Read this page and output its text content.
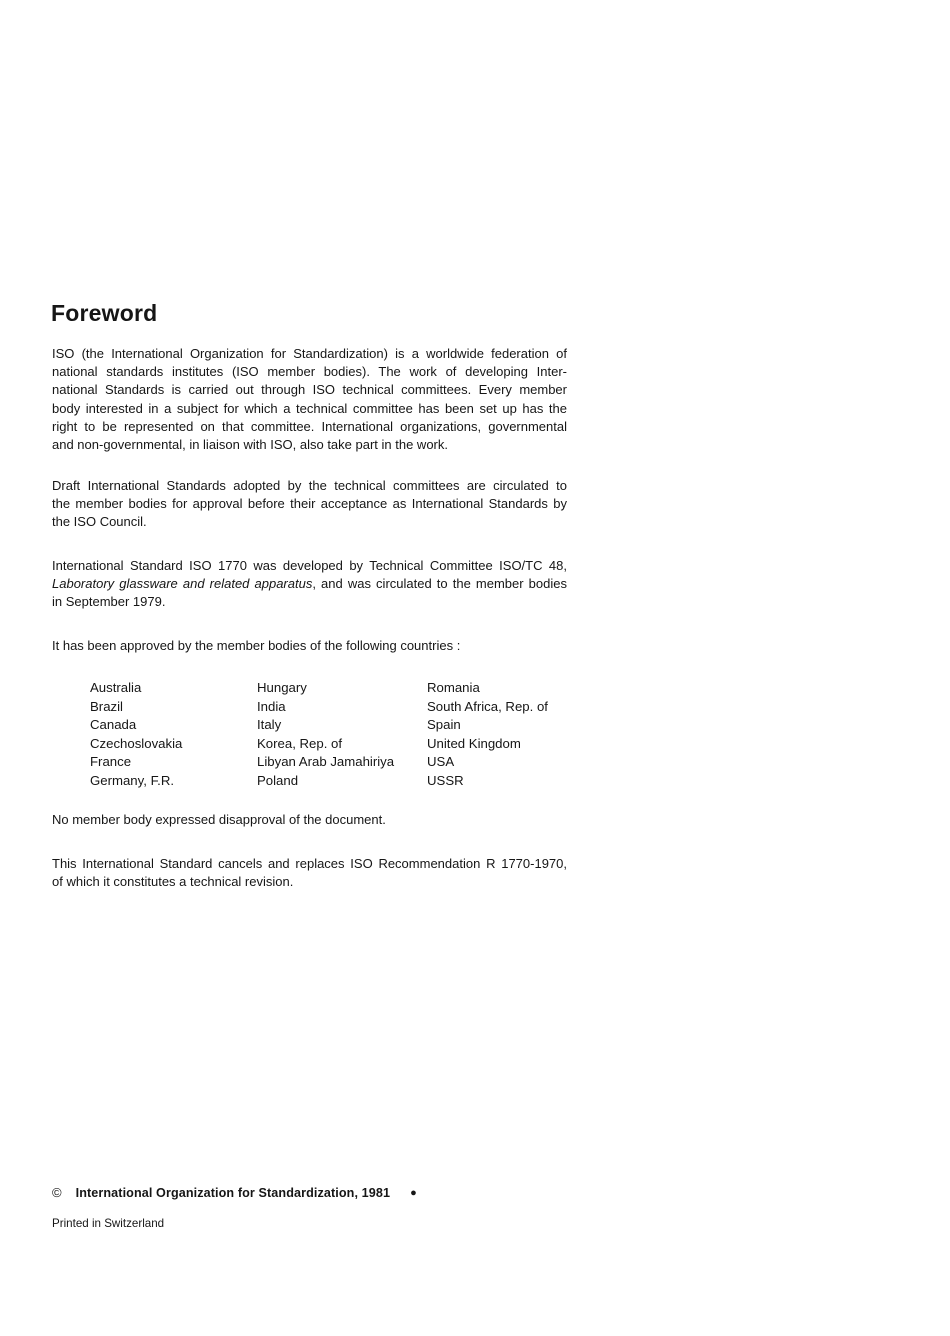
Foreword
ISO (the International Organization for Standardization) is a worldwide federation of
national standards institutes (ISO member bodies). The work of developing Inter-
national Standards is carried out through ISO technical committees. Every member
body interested in a subject for which a technical committee has been set up has the
right to be represented on that committee. International organizations, governmental
and non-governmental, in liaison with ISO, also take part in the work.
Draft International Standards adopted by the technical committees are circulated to
the member bodies for approval before their acceptance as International Standards by
the ISO Council.
International Standard ISO 1770 was developed by Technical Committee ISO/TC 48,
Laboratory glassware and related apparatus, and was circulated to the member bodies
in September 1979.
It has been approved by the member bodies of the following countries :
Australia
Brazil
Canada
Czechoslovakia
France
Germany, F.R.
Hungary
India
Italy
Korea, Rep. of
Libyan Arab Jamahiriya
Poland
Romania
South Africa, Rep. of
Spain
United Kingdom
USA
USSR
No member body expressed disapproval of the document.
This International Standard cancels and replaces ISO Recommendation R 1770-1970,
of which it constitutes a technical revision.
© International Organization for Standardization, 1981 ●
Printed in Switzerland
